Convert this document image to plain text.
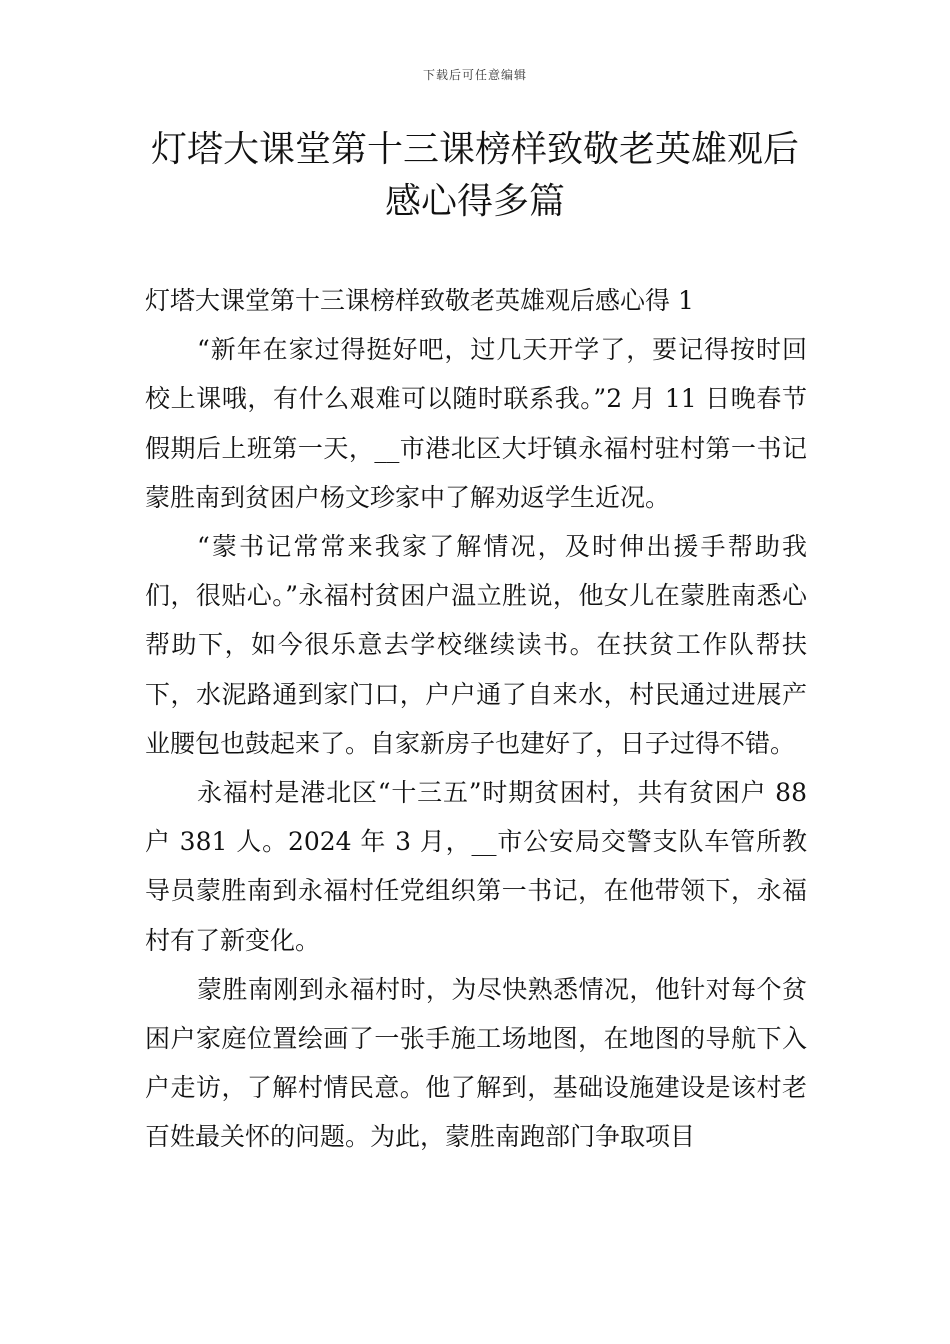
下载后可任意编辑
灯塔大课堂第十三课榜样致敬老英雄观后
感心得多篇

灯塔大课堂第十三课榜样致敬老英雄观后感心得 1

“新年在家过得挺好吧，过几天开学了，要记得按时回校上课哦，有什么艰难可以随时联系我。”2 月 11 日晚春节假期后上班第一天，__市港北区大圩镇永福村驻村第一书记蒙胜南到贫困户杨文珍家中了解劝返学生近况。

“蒙书记常常来我家了解情况，及时伸出援手帮助我们，很贴心。”永福村贫困户温立胜说，他女儿在蒙胜南悉心帮助下，如今很乐意去学校继续读书。在扶贫工作队帮扶下，水泥路通到家门口，户户通了自来水，村民通过进展产业腰包也鼓起来了。自家新房子也建好了，日子过得不错。

永福村是港北区“十三五”时期贫困村，共有贫困户 88 户 381 人。2024 年 3 月，__市公安局交警支队车管所教导员蒙胜南到永福村任党组织第一书记，在他带领下，永福村有了新变化。

蒙胜南刚到永福村时，为尽快熟悉情况，他针对每个贫困户家庭位置绘画了一张手施工场地图，在地图的导航下入户走访，了解村情民意。他了解到，基础设施建设是该村老百姓最关怀的问题。为此，蒙胜南跑部门争取项目
